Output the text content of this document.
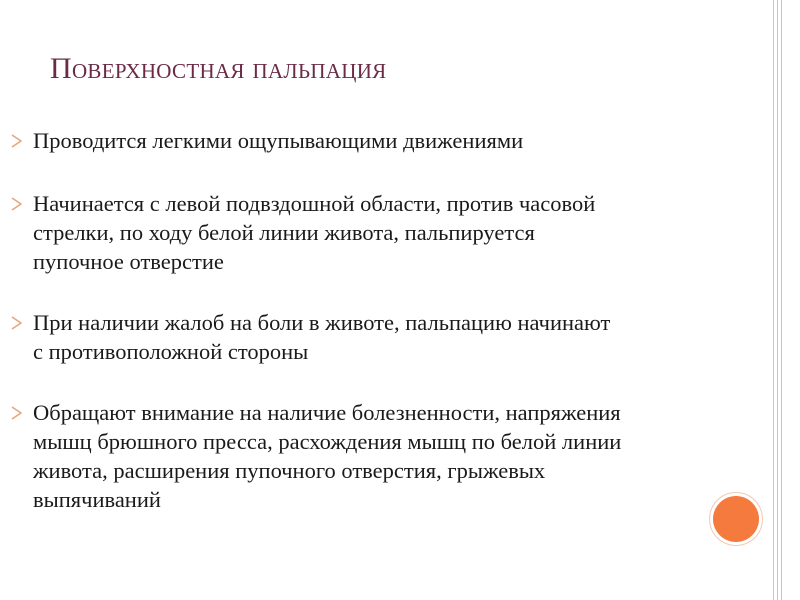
Поверхностная пальпация
Проводится легкими ощупывающими движениями
Начинается с левой подвздошной области, против часовой
стрелки, по ходу белой линии живота, пальпируется
пупочное отверстие
При наличии жалоб на боли в животе, пальпацию начинают
с противоположной стороны
Обращают внимание на наличие болезненности, напряжения
мышц брюшного пресса, расхождения мышц по белой линии
живота, расширения пупочного отверстия, грыжевых
выпячиваний
